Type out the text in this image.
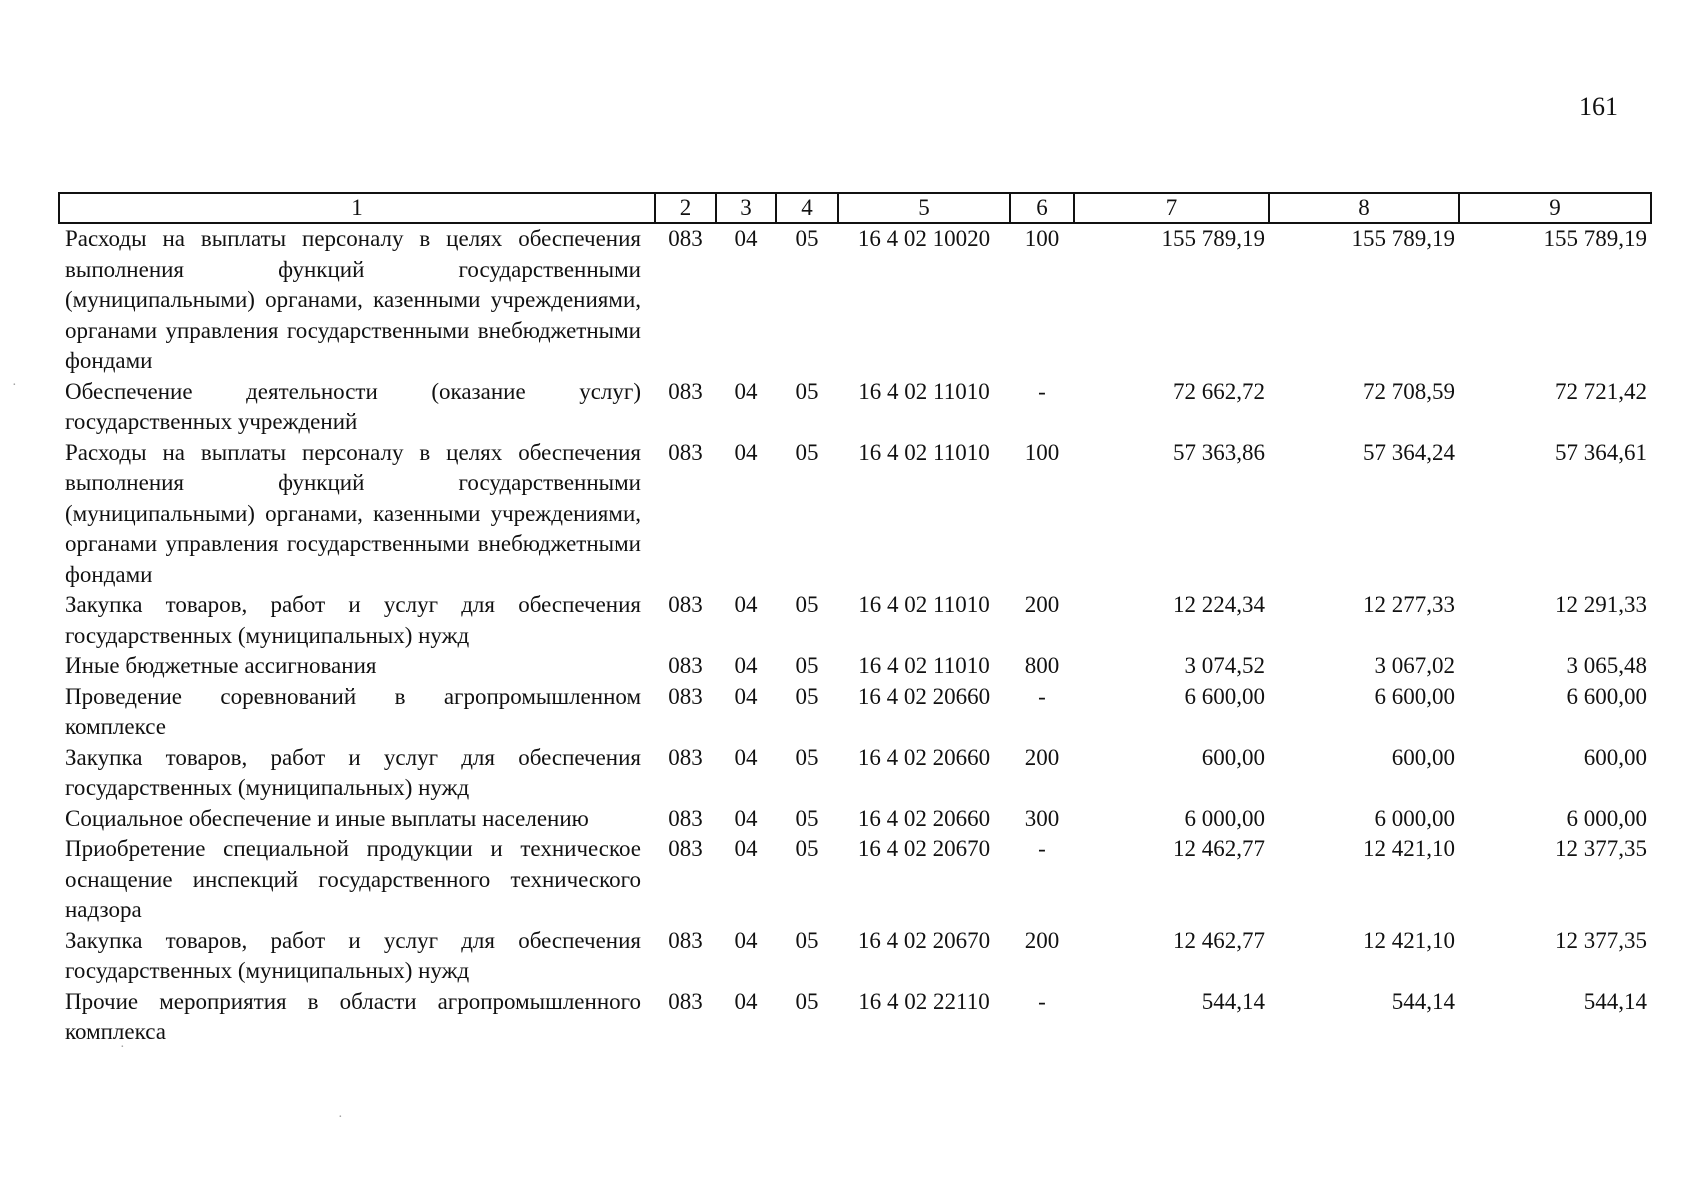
161
·
·
·
1	2	3	4	5	6	7	8	9
Расходы на выплаты персоналу в целях обеспечения выполнения функций государственными (муниципальными) органами, казенными учреждениями, органами управления государственными внебюджетными фондами	083	04	05	16 4 02 10020	100	155 789,19	155 789,19	155 789,19
Обеспечение деятельности (оказание услуг) государственных учреждений	083	04	05	16 4 02 11010	-	72 662,72	72 708,59	72 721,42
Расходы на выплаты персоналу в целях обеспечения выполнения функций государственными (муниципальными) органами, казенными учреждениями, органами управления государственными внебюджетными фондами	083	04	05	16 4 02 11010	100	57 363,86	57 364,24	57 364,61
Закупка товаров, работ и услуг для обеспечения государственных (муниципальных) нужд	083	04	05	16 4 02 11010	200	12 224,34	12 277,33	12 291,33
Иные бюджетные ассигнования	083	04	05	16 4 02 11010	800	3 074,52	3 067,02	3 065,48
Проведение соревнований в агропромышленном комплексе	083	04	05	16 4 02 20660	-	6 600,00	6 600,00	6 600,00
Закупка товаров, работ и услуг для обеспечения государственных (муниципальных) нужд	083	04	05	16 4 02 20660	200	600,00	600,00	600,00
Социальное обеспечение и иные выплаты населению	083	04	05	16 4 02 20660	300	6 000,00	6 000,00	6 000,00
Приобретение специальной продукции и техническое оснащение инспекций государственного технического надзора	083	04	05	16 4 02 20670	-	12 462,77	12 421,10	12 377,35
Закупка товаров, работ и услуг для обеспечения государственных (муниципальных) нужд	083	04	05	16 4 02 20670	200	12 462,77	12 421,10	12 377,35
Прочие мероприятия в области агропромышленного комплекса	083	04	05	16 4 02 22110	-	544,14	544,14	544,14
